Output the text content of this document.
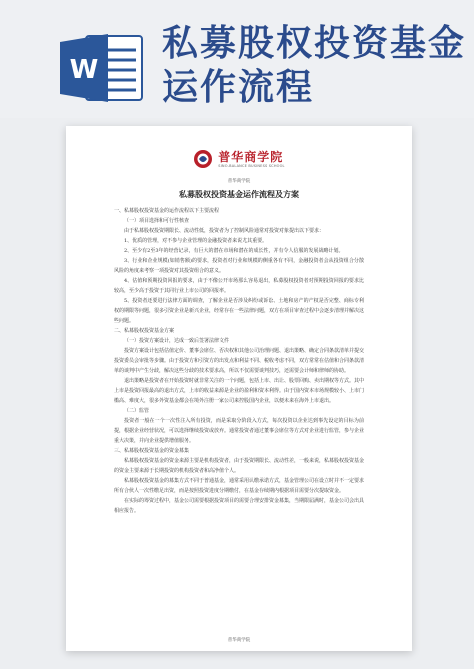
W
私募股权投资基金
运作流程
普华商学院
SINO-BALANCE BUSINESS SCHOOL
普华商学院
私募股权投资基金运作流程及方案

一、私募股权投资基金的运作流程以下主要流程

（一）项目选择和可行性核查

由于私募股权投资期限长、流动性低，投资者为了控制风险通常对投资对象提出以下要求：

1、优质的管理，对不参与企业管理的金融投资者来说尤其重要。

2、至少有2至3年的经营记录，有巨大的潜在市场和潜在的成长性，并有令人信服的发展战略计划。

3、行业和企业规模(如销售额)的要求，投资者对行业和规模的侧重各有不同，金融投资者会从投资组合分散风险的角度来考察一项投资对其投资组合的意义。

4、估值和预期投资回报的要求，由于不像公开市场那么容易退出，私募股权投资者对预期投资回报的要求比较高，至少高于投资于其同行业上市公司的回报率。

5、投资者还要进行法律方面的调查，了解企业是否涉及纠纷或诉讼、土地和房产的产权是否完整、商标专利权的期限等问题，很多引资企业是新兴企业，经常存在一些法律问题，双方在项目审查过程中会逐步清理并解决这些问题。

二、私募股权投资基金方案

（一）投资方案设计，达成一致后签署法律文件

投资方案设计包括估值定价、董事会席位、否决权和其他公司治理问题、退出策略、确定合同条款清单并提交投资委员会审批等步骤。由于投资方和引资方的出发点和利益不同、税收考虑不同，双方常常在估值和合同条款清单的谈判中产生分歧，解决这些分歧的技术要求高，所以不仅需要谈判技巧，还需要会计师和律师的协助。

退出策略是投资者在开始投资时就非常关注的一个问题，包括上市、出让、股票回购、卖出期权等方式。其中上市是投资回报最高的退出方式，上市的收益来源是企业的盈利和资本利得。由于国内资本市场规模较小、上市门槛高、难度大，很多外资基金都会在境外注册一家公司来控股国内企业，以便未来在海外上市退出。

（二）监管

投资者一般在一个一次性注入所有投资，而是采取分阶段入方式，每次投资以企业达到事先设定的目标为前提，根据企业经营状况，可以选择继续投资或放弃。通常投资者通过董事会席位等方式对企业进行监管，参与企业重大决策，并向企业提供增值服务。

三、私募股权投资基金的资金募集

私募股权投资基金的资金来源主要是机构投资者，由于投资期限长、流动性差，一般来说，私募股权投资基金的资金主要来源于长期投资的机构投资者和高净值个人。

私募股权投资基金的募集方式不同于普通基金，通常采用认缴承诺方式，基金管理公司在设立时并不一定要求所有合伙人一次性缴足出资，而是按照投资进度分期缴付，在基金存续期内根据项目需要分次提取资金。

在实际的筹资过程中，基金公司需要根据投资项目的需要合理安排资金募集，当期限届满时，基金公司会出具相应报告。

普华商学院
